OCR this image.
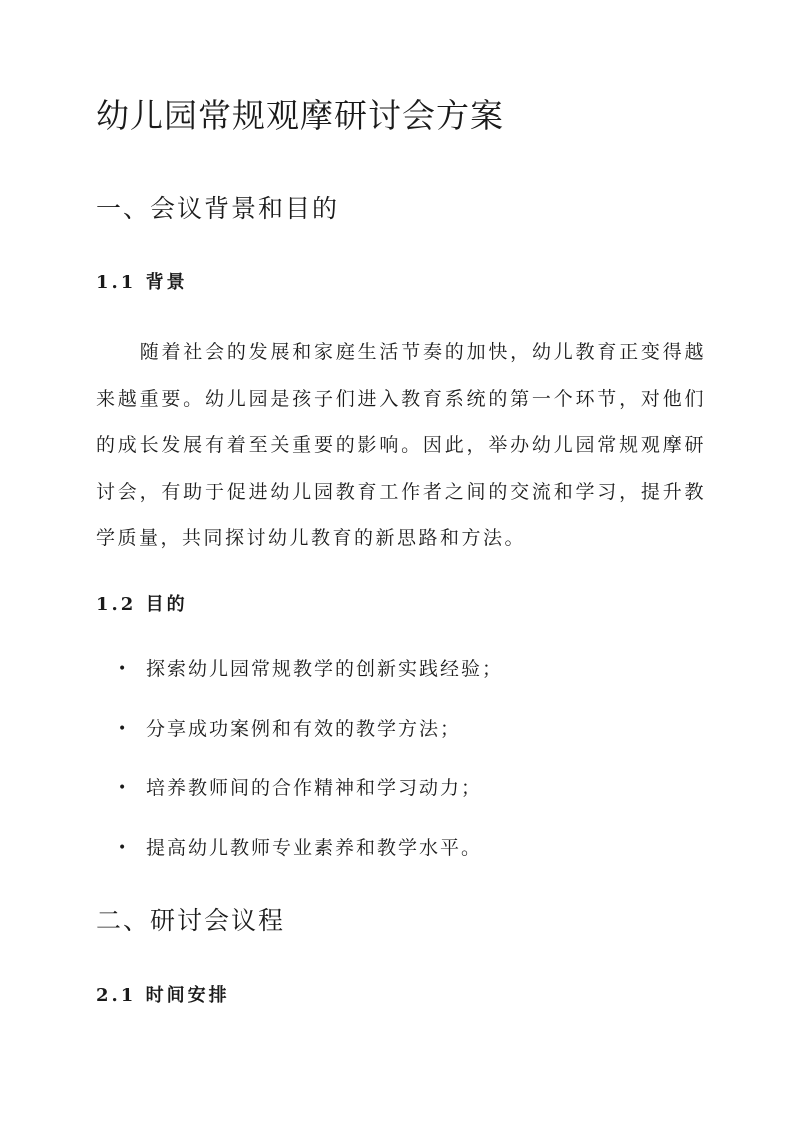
幼儿园常规观摩研讨会方案
一、会议背景和目的
1.1 背景

随着社会的发展和家庭生活节奏的加快，幼儿教育正变得越来越重要。幼儿园是孩子们进入教育系统的第一个环节，对他们的成长发展有着至关重要的影响。因此，举办幼儿园常规观摩研讨会，有助于促进幼儿园教育工作者之间的交流和学习，提升教学质量，共同探讨幼儿教育的新思路和方法。

1.2 目的
• 探索幼儿园常规教学的创新实践经验；
• 分享成功案例和有效的教学方法；
• 培养教师间的合作精神和学习动力；
• 提高幼儿教师专业素养和教学水平。
二、研讨会议程
2.1 时间安排
